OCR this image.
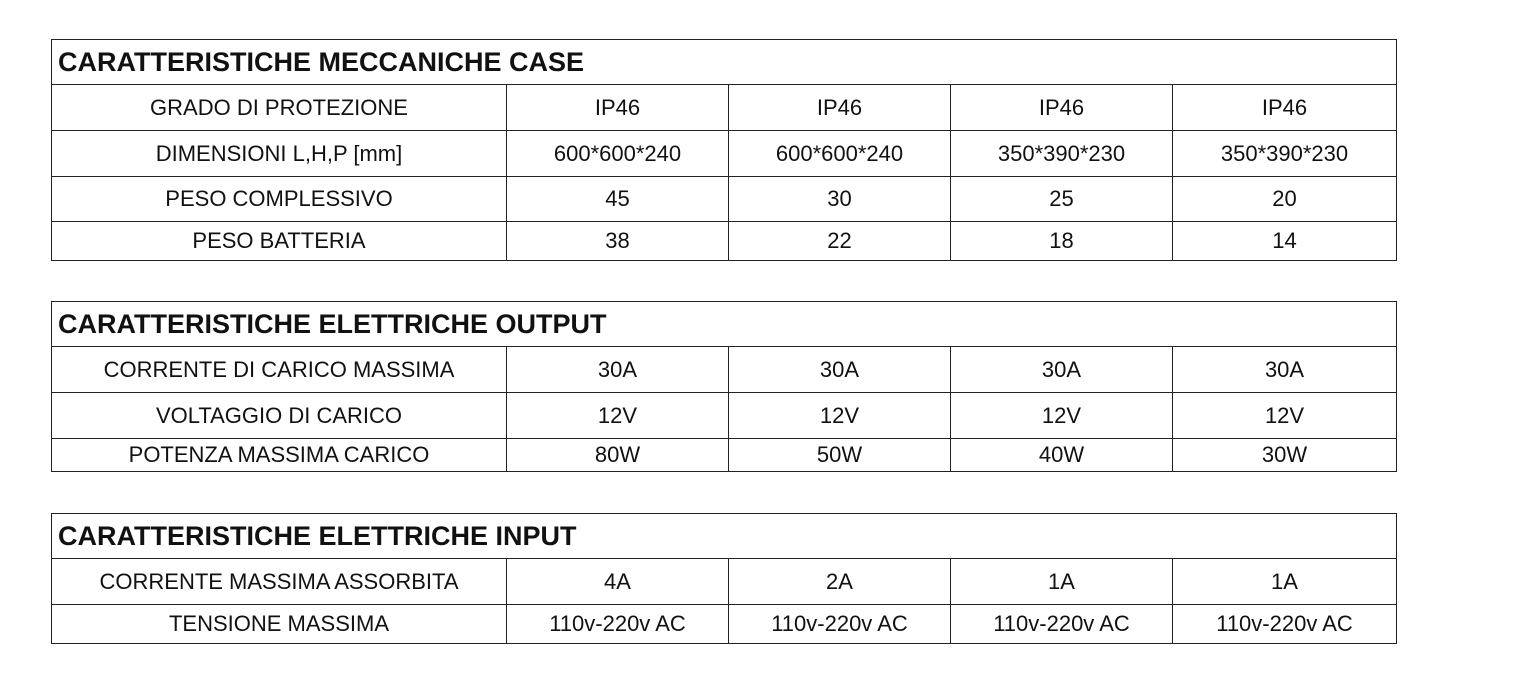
CARATTERISTICHE MECCANICHE CASE				
GRADO DI PROTEZIONE	IP46	IP46	IP46	IP46
DIMENSIONI L,H,P [mm]	600*600*240	600*600*240	350*390*230	350*390*230
PESO COMPLESSIVO	45	30	25	20
PESO BATTERIA	38	22	18	14
CARATTERISTICHE ELETTRICHE OUTPUT				
CORRENTE DI CARICO MASSIMA	30A	30A	30A	30A
VOLTAGGIO DI CARICO	12V	12V	12V	12V
POTENZA MASSIMA CARICO	80W	50W	40W	30W
CARATTERISTICHE ELETTRICHE INPUT				
CORRENTE MASSIMA ASSORBITA	4A	2A	1A	1A
TENSIONE MASSIMA	110v-220v AC	110v-220v AC	110v-220v AC	110v-220v AC
